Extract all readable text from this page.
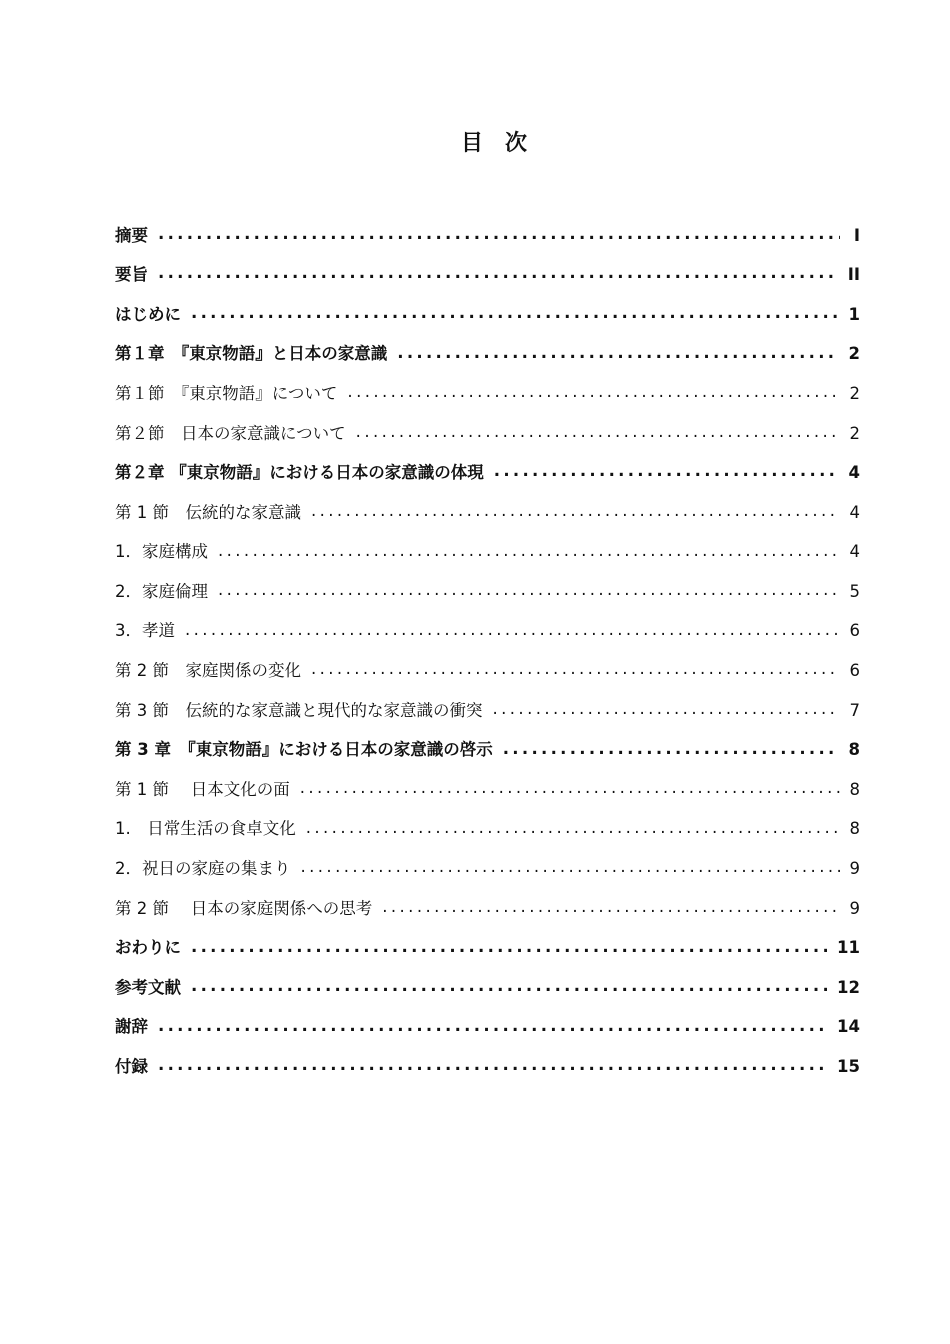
目　次
摘要 .....	I
要旨 .....	II
はじめに .....	1
第１章　『東京物語』と日本の家意識 .....	2
第１節　『東京物語』について .....	2
第２節　日本の家意識について .....	2
第２章 『東京物語』における日本の家意識の体現 .....	4
第 1 節　伝統的な家意識 .....	4
1．家庭構成 .....	4
2．家庭倫理 .....	5
3．孝道 .....	6
第 2 節　家庭関係の変化 .....	6
第 3 節　伝統的な家意識と現代的な家意識の衝突 .....	7
第 3 章　『東京物語』における日本の家意識の啓示 .....	8
第 1 節　 日本文化の面 .....	8
1.　日常生活の食卓文化 .....	8
2．祝日の家庭の集まり .....	9
第 2 節　 日本の家庭関係への思考 .....	9
おわりに .....	11
参考文献 .....	12
謝辞 .....	14
付録 .....	15
